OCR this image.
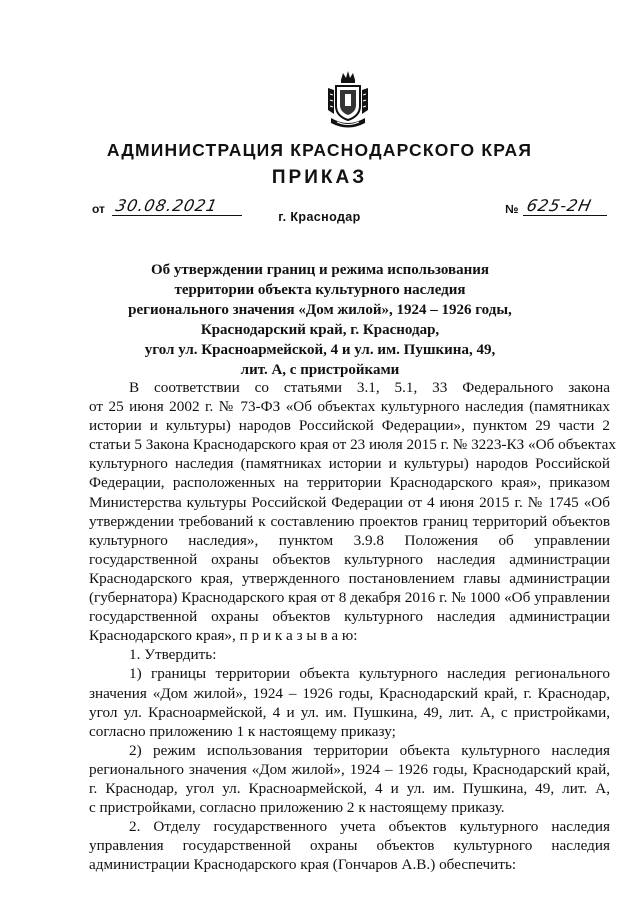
АДМИНИСТРАЦИЯ КРАСНОДАРСКОГО КРАЯ
ПРИКАЗ
от 30.08.2021	№ 625-2Н
г. Краснодар
Об утверждении границ и режима использования
территории объекта культурного наследия
регионального значения «Дом жилой», 1924 – 1926 годы,
Краснодарский край, г. Краснодар,
угол ул. Красноармейской, 4 и ул. им. Пушкина, 49,
лит. А, с пристройками
В соответствии со статьями 3.1, 5.1, 33 Федерального закона
от 25 июня 2002 г. № 73-ФЗ «Об объектах культурного наследия (памятниках
истории и культуры) народов Российской Федерации», пунктом 29 части 2
статьи 5 Закона Краснодарского края от 23 июля 2015 г. № 3223-КЗ «Об объектах
культурного наследия (памятниках истории и культуры) народов Российской
Федерации, расположенных на территории Краснодарского края», приказом
Министерства культуры Российской Федерации от 4 июня 2015 г. № 1745 «Об
утверждении требований к составлению проектов границ территорий объектов
культурного наследия», пунктом 3.9.8 Положения об управлении
государственной охраны объектов культурного наследия администрации
Краснодарского края, утвержденного постановлением главы администрации
(губернатора) Краснодарского края от 8 декабря 2016 г. № 1000 «Об управлении
государственной охраны объектов культурного наследия администрации
Краснодарского края», п р и к а з ы в а ю:
1. Утвердить:
1) границы территории объекта культурного наследия регионального
значения «Дом жилой», 1924 – 1926 годы, Краснодарский край, г. Краснодар,
угол ул. Красноармейской, 4 и ул. им. Пушкина, 49, лит. А, с пристройками,
согласно приложению 1 к настоящему приказу;
2) режим использования территории объекта культурного наследия
регионального значения «Дом жилой», 1924 – 1926 годы, Краснодарский край,
г. Краснодар, угол ул. Красноармейской, 4 и ул. им. Пушкина, 49, лит. А,
с пристройками, согласно приложению 2 к настоящему приказу.
2. Отделу государственного учета объектов культурного наследия
управления государственной охраны объектов культурного наследия
администрации Краснодарского края (Гончаров А.В.) обеспечить:
